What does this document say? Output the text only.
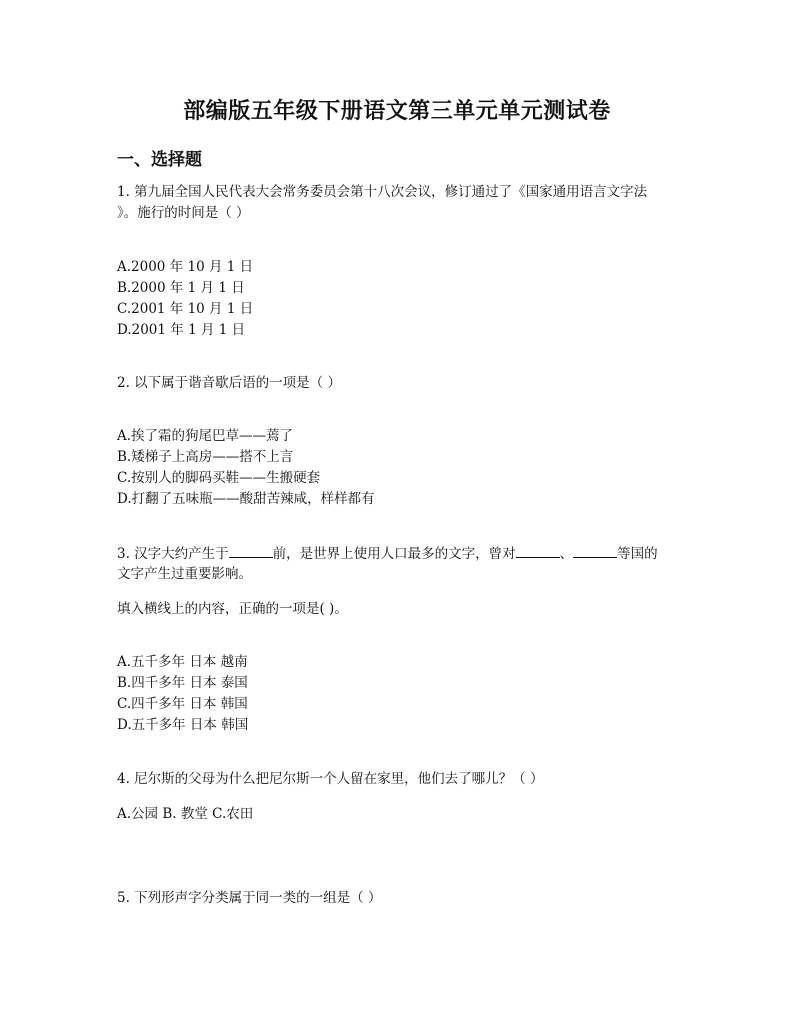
部编版五年级下册语文第三单元单元测试卷
一、选择题
1. 第九届全国人民代表大会常务委员会第十八次会议，修订通过了《国家通用语言文字法
》。施行的时间是（ ）
A.2000 年 10 月 1 日
B.2000 年 1 月 1 日
C.2001 年 10 月 1 日
D.2001 年 1 月 1 日
2. 以下属于谐音歇后语的一项是（ ）
A.挨了霜的狗尾巴草——蔫了
B.矮梯子上高房——搭不上言
C.按别人的脚码买鞋——生搬硬套
D.打翻了五味瓶——酸甜苦辣咸，样样都有
3. 汉字大约产生于	前，是世界上使用人口最多的文字，曾对	、	等国的
文字产生过重要影响。
填入横线上的内容，正确的一项是( )。
A.五千多年 日本 越南
B.四千多年 日本 泰国
C.四千多年 日本 韩国
D.五千多年 日本 韩国
4. 尼尔斯的父母为什么把尼尔斯一个人留在家里，他们去了哪儿？（ ）
A.公园 B. 教堂 C.农田
5. 下列形声字分类属于同一类的一组是（ ）
